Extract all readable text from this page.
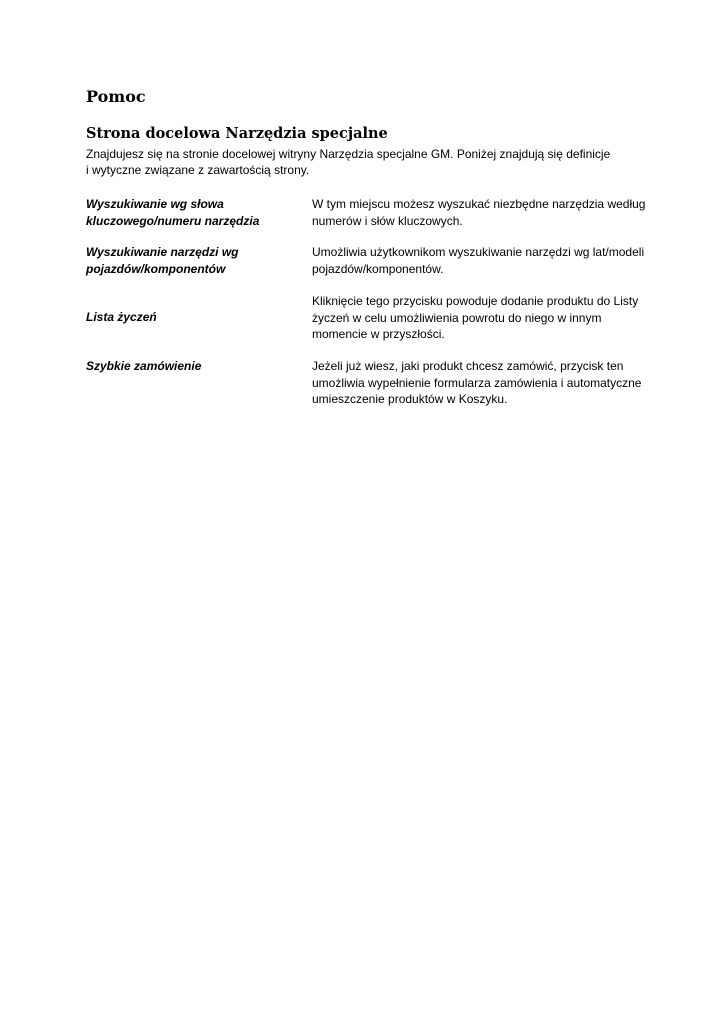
Pomoc
Strona docelowa Narzędzia specjalne
Znajdujesz się na stronie docelowej witryny Narzędzia specjalne GM. Poniżej znajdują się definicje
i wytyczne związane z zawartością strony.
Wyszukiwanie wg słowa
kluczowego/numeru narzędzia
W tym miejscu możesz wyszukać niezbędne narzędzia według
numerów i słów kluczowych.
Wyszukiwanie narzędzi wg
pojazdów/komponentów
Umożliwia użytkownikom wyszukiwanie narzędzi wg lat/modeli
pojazdów/komponentów.
Lista życzeń
Kliknięcie tego przycisku powoduje dodanie produktu do Listy
życzeń w celu umożliwienia powrotu do niego w innym
momencie w przyszłości.
Szybkie zamówienie	Jeżeli już wiesz, jaki produkt chcesz zamówić, przycisk ten
umożliwia wypełnienie formularza zamówienia i automatyczne
umieszczenie produktów w Koszyku.
